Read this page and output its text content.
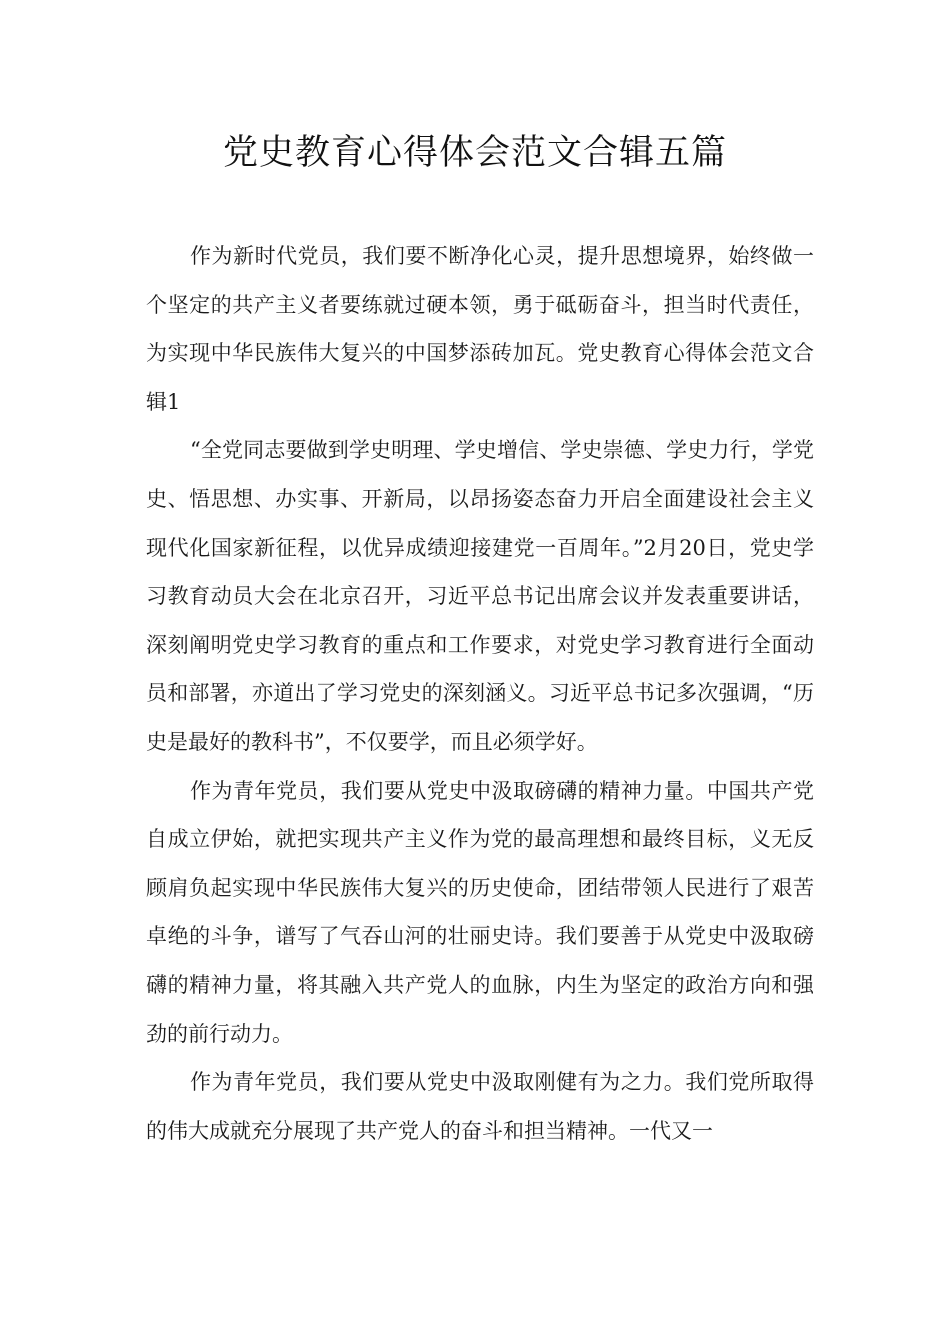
党史教育心得体会范文合辑五篇

作为新时代党员，我们要不断净化心灵，提升思想境界，始终做一个坚定的共产主义者要练就过硬本领，勇于砥砺奋斗，担当时代责任，为实现中华民族伟大复兴的中国梦添砖加瓦。党史教育心得体会范文合辑1

“全党同志要做到学史明理、学史增信、学史崇德、学史力行，学党史、悟思想、办实事、开新局，以昂扬姿态奋力开启全面建设社会主义现代化国家新征程，以优异成绩迎接建党一百周年。”2月20日，党史学习教育动员大会在北京召开，习近平总书记出席会议并发表重要讲话，深刻阐明党史学习教育的重点和工作要求，对党史学习教育进行全面动员和部署，亦道出了学习党史的深刻涵义。习近平总书记多次强调，“历史是最好的教科书”，不仅要学，而且必须学好。

作为青年党员，我们要从党史中汲取磅礴的精神力量。中国共产党自成立伊始，就把实现共产主义作为党的最高理想和最终目标，义无反顾肩负起实现中华民族伟大复兴的历史使命，团结带领人民进行了艰苦卓绝的斗争，谱写了气吞山河的壮丽史诗。我们要善于从党史中汲取磅礴的精神力量，将其融入共产党人的血脉，内生为坚定的政治方向和强劲的前行动力。

作为青年党员，我们要从党史中汲取刚健有为之力。我们党所取得的伟大成就充分展现了共产党人的奋斗和担当精神。一代又一
